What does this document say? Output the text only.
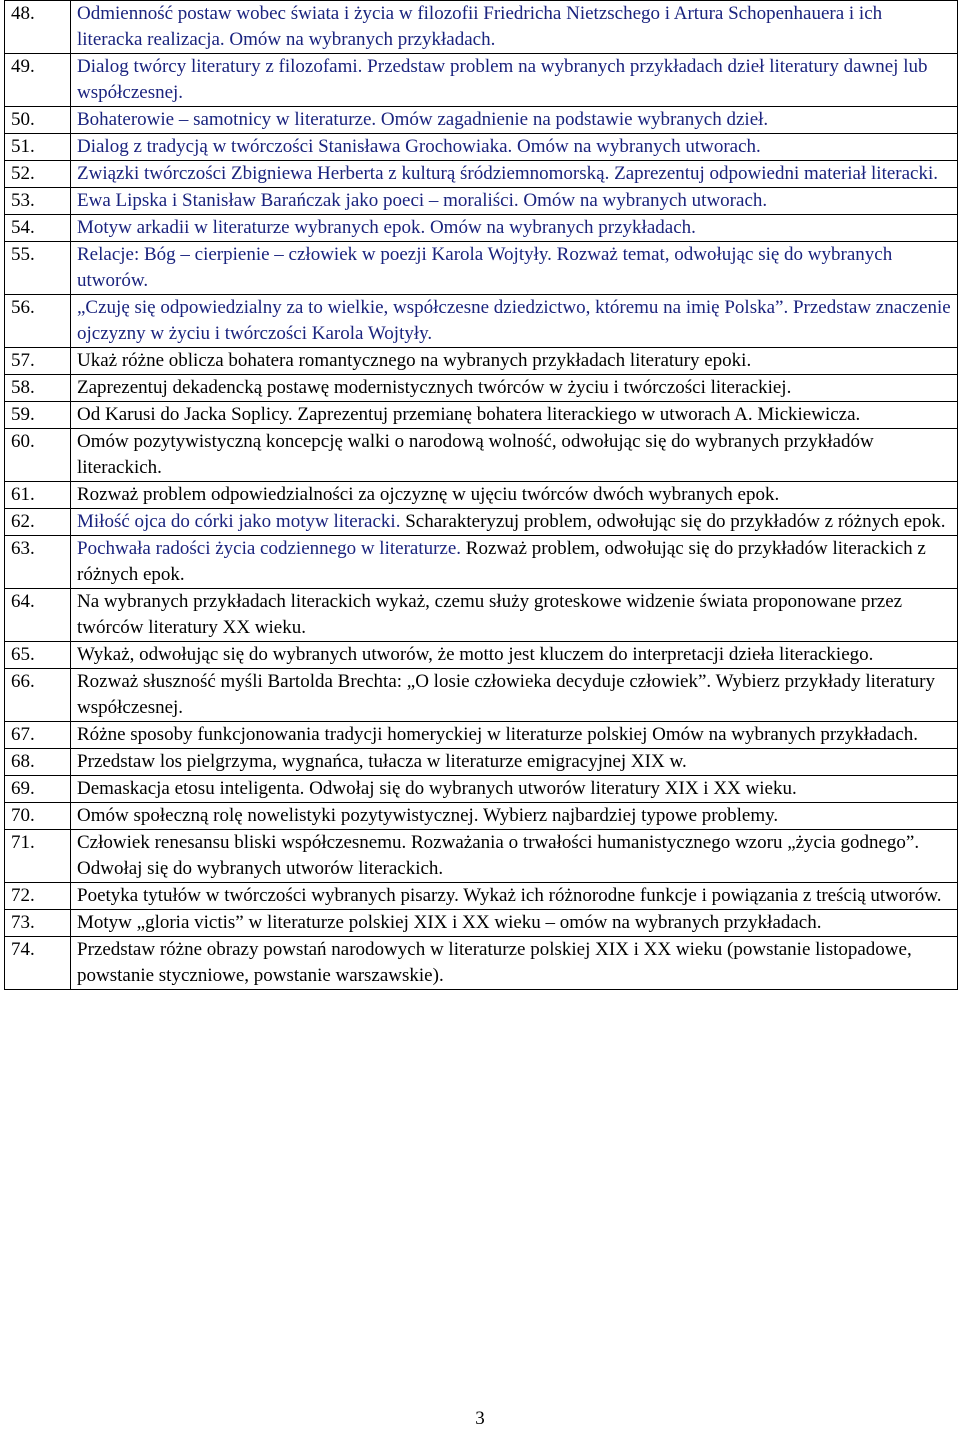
48.	Odmienność postaw wobec świata i życia w filozofii Friedricha Nietzschego i Artura Schopenhauera i ich literacka realizacja. Omów na wybranych przykładach.
49.	Dialog twórcy literatury z filozofami. Przedstaw problem na wybranych przykładach dzieł literatury dawnej lub współczesnej.
50.	Bohaterowie – samotnicy w literaturze. Omów zagadnienie na podstawie wybranych dzieł.
51.	Dialog z tradycją w twórczości Stanisława Grochowiaka. Omów na wybranych utworach.
52.	Związki twórczości Zbigniewa Herberta z kulturą śródziemnomorską. Zaprezentuj odpowiedni materiał literacki.
53.	Ewa Lipska i Stanisław Barańczak jako poeci – moraliści. Omów na wybranych utworach.
54.	Motyw arkadii w literaturze wybranych epok. Omów na wybranych przykładach.
55.	Relacje: Bóg – cierpienie – człowiek w poezji Karola Wojtyły. Rozważ temat, odwołując się do wybranych utworów.
56.	„Czuję się odpowiedzialny za to wielkie, współczesne dziedzictwo, któremu na imię Polska”. Przedstaw znaczenie ojczyzny w życiu i twórczości Karola Wojtyły.
57.	Ukaż różne oblicza bohatera romantycznego na wybranych przykładach literatury epoki.
58.	Zaprezentuj dekadencką postawę modernistycznych twórców w życiu i twórczości literackiej.
59.	Od Karusi do Jacka Soplicy. Zaprezentuj przemianę bohatera literackiego w utworach A. Mickiewicza.
60.	Omów pozytywistyczną koncepcję walki o narodową wolność, odwołując się do wybranych przykładów literackich.
61.	Rozważ problem odpowiedzialności za ojczyznę w ujęciu twórców dwóch wybranych epok.
62.	Miłość ojca do córki jako motyw literacki. Scharakteryzuj problem, odwołując się do przykładów z różnych epok.
63.	Pochwała radości życia codziennego w literaturze. Rozważ problem, odwołując się do przykładów literackich z różnych epok.
64.	Na wybranych przykładach literackich wykaż, czemu służy groteskowe widzenie świata proponowane przez twórców literatury XX wieku.
65.	Wykaż, odwołując się do wybranych utworów, że motto jest kluczem do interpretacji dzieła literackiego.
66.	Rozważ słuszność myśli Bartolda Brechta: „O losie człowieka decyduje człowiek”. Wybierz przykłady literatury współczesnej.
67.	Różne sposoby funkcjonowania tradycji homeryckiej w literaturze polskiej Omów na wybranych przykładach.
68.	Przedstaw los pielgrzyma, wygnańca, tułacza w literaturze emigracyjnej XIX w.
69.	Demaskacja etosu inteligenta. Odwołaj się do wybranych utworów literatury XIX i XX wieku.
70.	Omów społeczną rolę nowelistyki pozytywistycznej. Wybierz najbardziej typowe problemy.
71.	Człowiek renesansu bliski współczesnemu. Rozważania o trwałości humanistycznego wzoru „życia godnego”. Odwołaj się do wybranych utworów literackich.
72.	Poetyka tytułów w twórczości wybranych pisarzy. Wykaż ich różnorodne funkcje i powiązania z treścią utworów.
73.	Motyw „gloria victis” w literaturze polskiej XIX i XX wieku – omów na wybranych przykładach.
74.	Przedstaw różne obrazy powstań narodowych w literaturze polskiej XIX i XX wieku (powstanie listopadowe, powstanie styczniowe, powstanie warszawskie).
3
